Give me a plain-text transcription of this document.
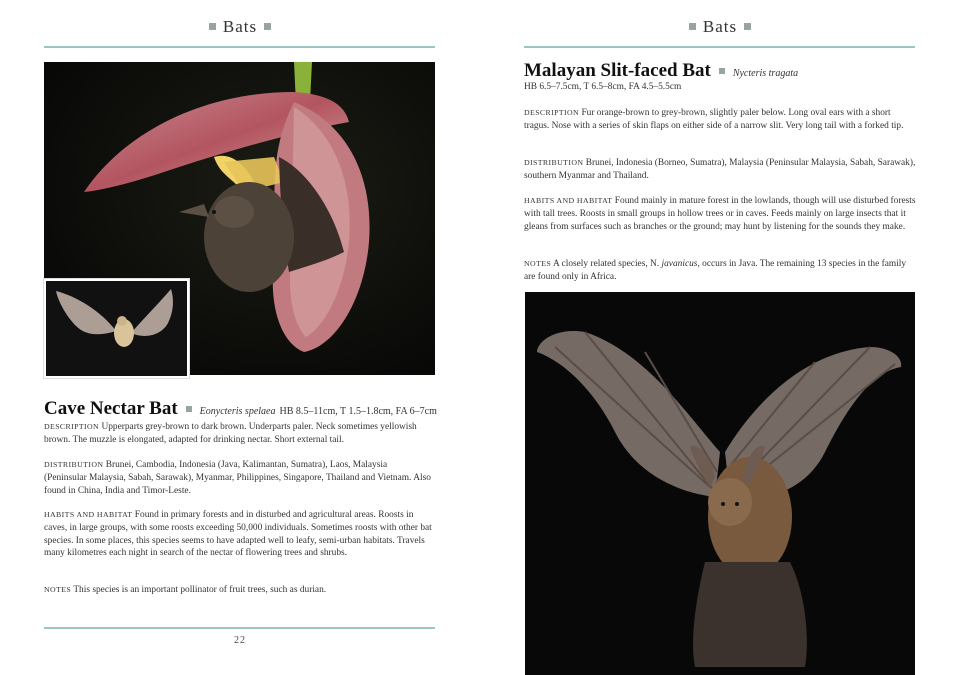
Bats
Cave Nectar Bat Eonycteris spelaea HB 8.5–11cm, T 1.5–1.8cm, FA 6–7cm
DESCRIPTION Upperparts grey-brown to dark brown. Underparts paler. Neck sometimes yellowish brown. The muzzle is elongated, adapted for drinking nectar. Short external tail.
DISTRIBUTION Brunei, Cambodia, Indonesia (Java, Kalimantan, Sumatra), Laos, Malaysia (Peninsular Malaysia, Sabah, Sarawak), Myanmar, Philippines, Singapore, Thailand and Vietnam. Also found in China, India and Timor-Leste.
HABITS AND HABITAT Found in primary forests and in disturbed and agricultural areas. Roosts in caves, in large groups, with some roosts exceeding 50,000 individuals. Sometimes roosts with other bat species. In some places, this species seems to have adapted well to leafy, semi-urban habitats. Travels many kilometres each night in search of the nectar of flowering trees and shrubs.
NOTES This species is an important pollinator of fruit trees, such as durian.
22
Bats
Malayan Slit-faced Bat Nycteris tragata
HB 6.5–7.5cm, T 6.5–8cm, FA 4.5–5.5cm
DESCRIPTION Fur orange-brown to grey-brown, slightly paler below. Long oval ears with a short tragus. Nose with a series of skin flaps on either side of a narrow slit. Very long tail with a forked tip.
DISTRIBUTION Brunei, Indonesia (Borneo, Sumatra), Malaysia (Peninsular Malaysia, Sabah, Sarawak), southern Myanmar and Thailand.
HABITS AND HABITAT Found mainly in mature forest in the lowlands, though will use disturbed forests with tall trees. Roosts in small groups in hollow trees or in caves. Feeds mainly on large insects that it gleans from surfaces such as branches or the ground; may hunt by listening for the sounds they make.
NOTES A closely related species, N. javanicus, occurs in Java. The remaining 13 species in the family are found only in Africa.
